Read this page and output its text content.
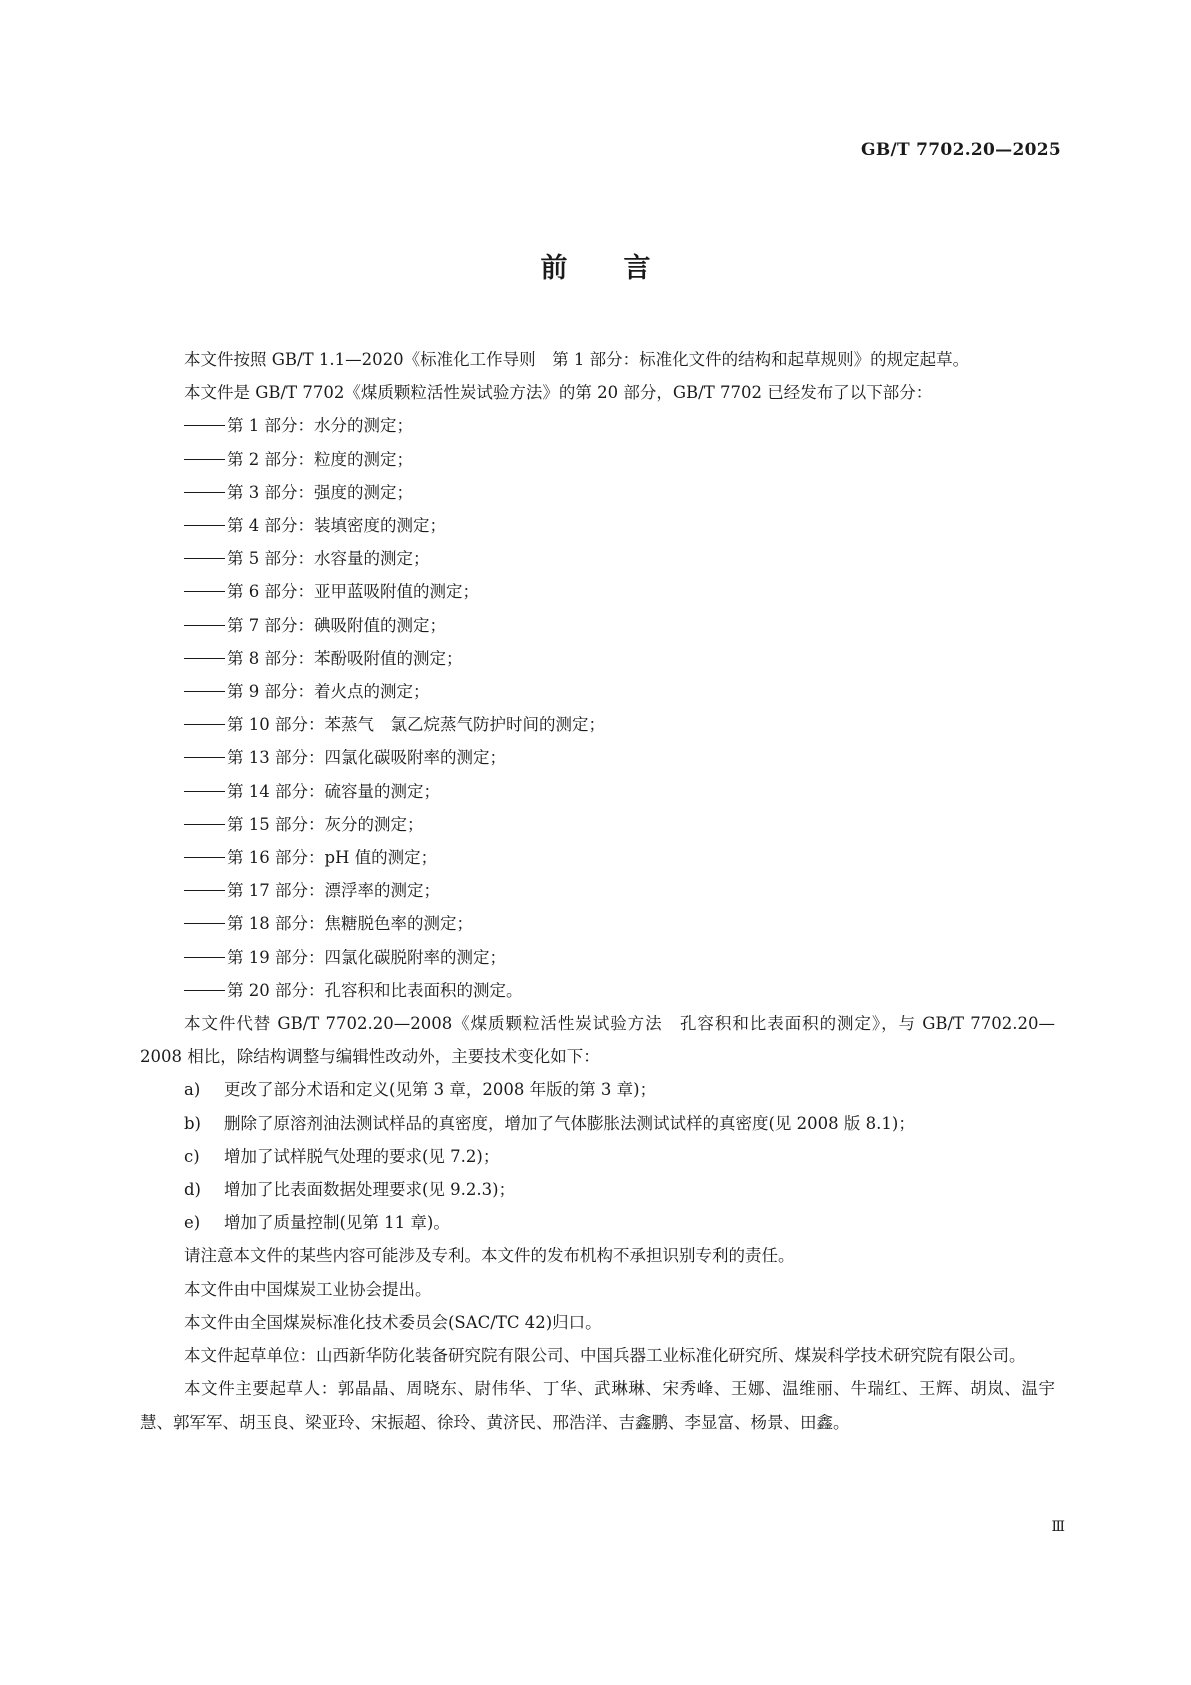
GB/T 7702.20—2025
前言

本文件按照 GB/T 1.1—2020《标准化工作导则　第 1 部分：标准化文件的结构和起草规则》的规定起草。

本文件是 GB/T 7702《煤质颗粒活性炭试验方法》的第 20 部分，GB/T 7702 已经发布了以下部分：

第 1 部分：水分的测定；

第 2 部分：粒度的测定；

第 3 部分：强度的测定；

第 4 部分：装填密度的测定；

第 5 部分：水容量的测定；

第 6 部分：亚甲蓝吸附值的测定；

第 7 部分：碘吸附值的测定；

第 8 部分：苯酚吸附值的测定；

第 9 部分：着火点的测定；

第 10 部分：苯蒸气　氯乙烷蒸气防护时间的测定；

第 13 部分：四氯化碳吸附率的测定；

第 14 部分：硫容量的测定；

第 15 部分：灰分的测定；

第 16 部分：pH 值的测定；

第 17 部分：漂浮率的测定；

第 18 部分：焦糖脱色率的测定；

第 19 部分：四氯化碳脱附率的测定；

第 20 部分：孔容积和比表面积的测定。

本文件代替 GB/T 7702.20—2008《煤质颗粒活性炭试验方法　孔容积和比表面积的测定》，与 GB/T 7702.20—2008 相比，除结构调整与编辑性改动外，主要技术变化如下：

a) 更改了部分术语和定义(见第 3 章，2008 年版的第 3 章)；

b) 删除了原溶剂油法测试样品的真密度，增加了气体膨胀法测试试样的真密度(见 2008 版 8.1)；

c) 增加了试样脱气处理的要求(见 7.2)；

d) 增加了比表面数据处理要求(见 9.2.3)；

e) 增加了质量控制(见第 11 章)。

请注意本文件的某些内容可能涉及专利。本文件的发布机构不承担识别专利的责任。

本文件由中国煤炭工业协会提出。

本文件由全国煤炭标准化技术委员会(SAC/TC 42)归口。

本文件起草单位：山西新华防化装备研究院有限公司、中国兵器工业标准化研究所、煤炭科学技术研究院有限公司。

本文件主要起草人：郭晶晶、周晓东、尉伟华、丁华、武琳琳、宋秀峰、王娜、温维丽、牛瑞红、王辉、胡岚、温宇慧、郭军军、胡玉良、梁亚玲、宋振超、徐玲、黄济民、邢浩洋、吉鑫鹏、李显富、杨景、田鑫。

Ⅲ
